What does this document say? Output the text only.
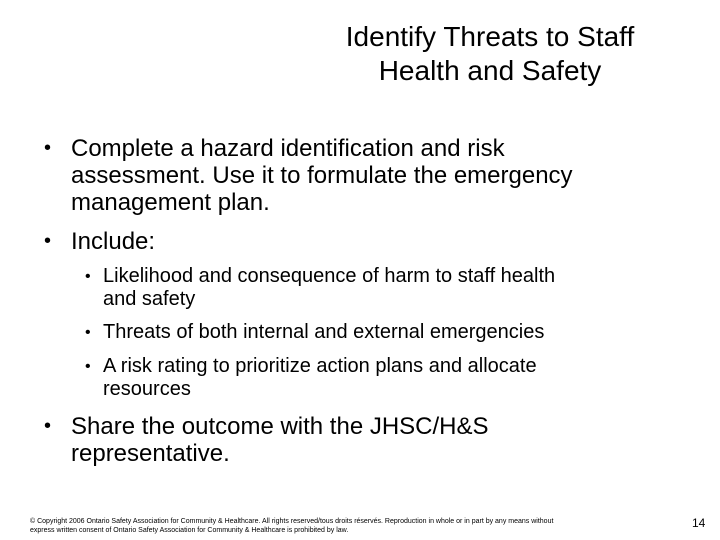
Identify Threats to Staff
Health and Safety
• Complete a hazard identification and risk
assessment. Use it to formulate the emergency
management plan.
• Include:
• Likelihood and consequence of harm to staff health
and safety
• Threats of both internal and external emergencies
• A risk rating to prioritize action plans and allocate
resources
• Share the outcome with the JHSC/H&S
representative.
© Copyright 2006 Ontario Safety Association for Community & Healthcare. All rights reserved/tous droits réservés. Reproduction in whole or in part by any means without
express written consent of Ontario Safety Association for Community & Healthcare is prohibited by law.
14
